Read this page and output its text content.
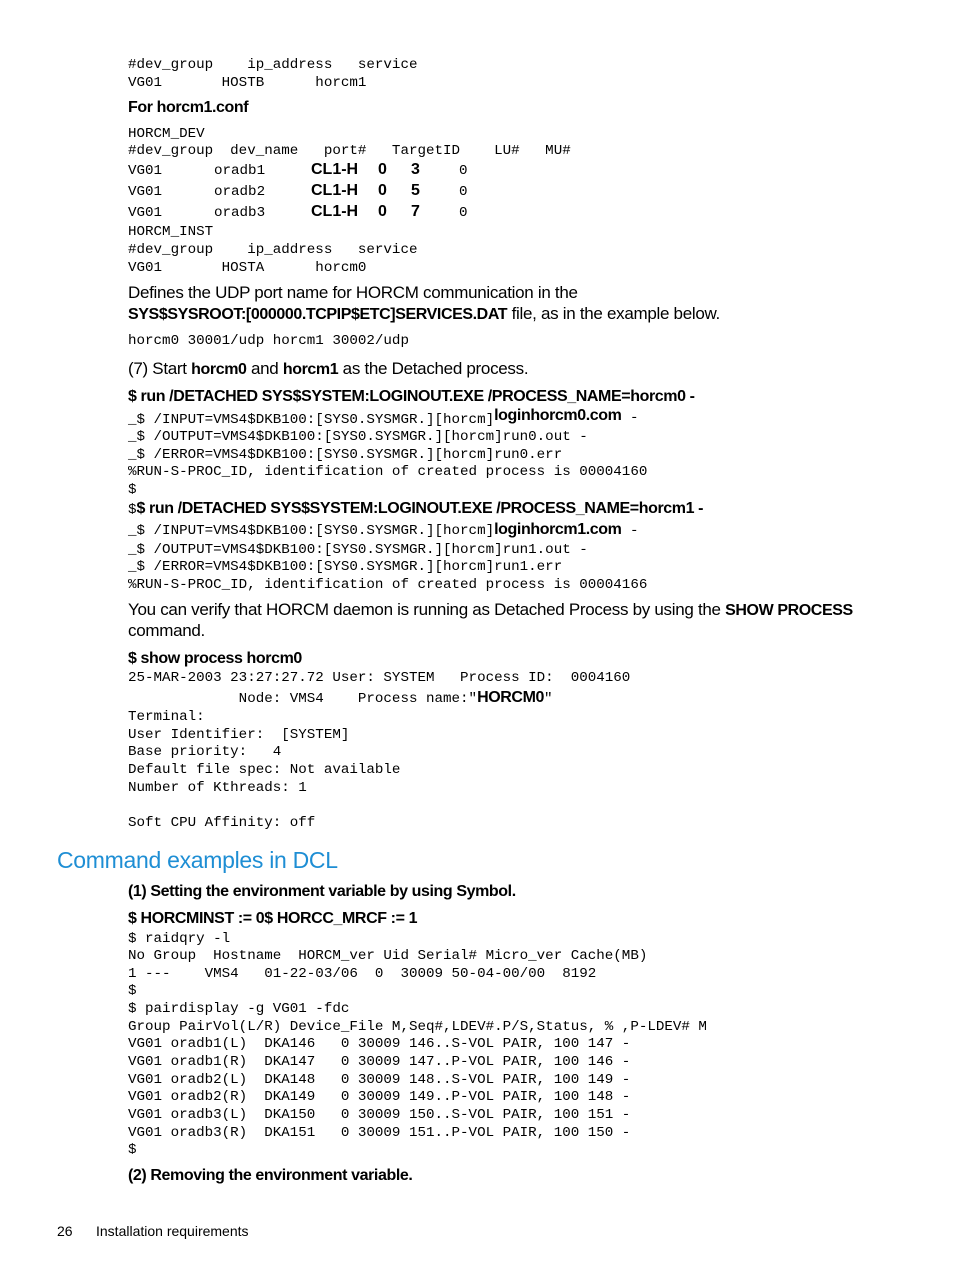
#dev_group    ip_address   service
VG01       HOSTB      horcm1

For horcm1.conf

HORCM_DEV
#dev_group  dev_name   port#   TargetID    LU#   MU#
VG01	oradb1	CL1-H 0 3	0
VG01	oradb2	CL1-H 0 5	0
VG01	oradb3	CL1-H 0 7	0
HORCM_INST
#dev_group    ip_address   service
VG01       HOSTA      horcm0

Defines the UDP port name for HORCM communication in the

SYS$SYSROOT:[000000.TCPIP$ETC]SERVICES.DAT file, as in the example below.

horcm0 30001/udp horcm1 30002/udp

(7) Start horcm0 and horcm1 as the Detached process.

$ run /DETACHED SYS$SYSTEM:LOGINOUT.EXE /PROCESS_NAME=horcm0 -

_$ /INPUT=VMS4$DKB100:[SYS0.SYSMGR.][horcm]loginhorcm0.com -
_$ /OUTPUT=VMS4$DKB100:[SYS0.SYSMGR.][horcm]run0.out -
_$ /ERROR=VMS4$DKB100:[SYS0.SYSMGR.][horcm]run0.err
%RUN-S-PROC_ID, identification of created process is 00004160
$
$$ run /DETACHED SYS$SYSTEM:LOGINOUT.EXE /PROCESS_NAME=horcm1 -
_$ /INPUT=VMS4$DKB100:[SYS0.SYSMGR.][horcm]loginhorcm1.com -
_$ /OUTPUT=VMS4$DKB100:[SYS0.SYSMGR.][horcm]run1.out -
_$ /ERROR=VMS4$DKB100:[SYS0.SYSMGR.][horcm]run1.err
%RUN-S-PROC_ID, identification of created process is 00004166

You can verify that HORCM daemon is running as Detached Process by using the SHOW PROCESS

command.

$ show process horcm0

25-MAR-2003 23:27:27.72 User: SYSTEM   Process ID:  0004160
Node: VMS4    Process name:"HORCM0"
Terminal:
User Identifier:  [SYSTEM]
Base priority:   4
Default file spec: Not available
Number of Kthreads: 1
Soft CPU Affinity: off
Command examples in DCL

(1) Setting the environment variable by using Symbol.

$ HORCMINST := 0$ HORCC_MRCF := 1

$ raidqry -l
No Group  Hostname  HORCM_ver Uid Serial# Micro_ver Cache(MB)
1 ---    VMS4   01-22-03/06  0  30009 50-04-00/00  8192
$
$ pairdisplay -g VG01 -fdc
Group PairVol(L/R) Device_File M,Seq#,LDEV#.P/S,Status, % ,P-LDEV# M
VG01 oradb1(L)  DKA146   0 30009 146..S-VOL PAIR, 100 147 -
VG01 oradb1(R)  DKA147   0 30009 147..P-VOL PAIR, 100 146 -
VG01 oradb2(L)  DKA148   0 30009 148..S-VOL PAIR, 100 149 -
VG01 oradb2(R)  DKA149   0 30009 149..P-VOL PAIR, 100 148 -
VG01 oradb3(L)  DKA150   0 30009 150..S-VOL PAIR, 100 151 -
VG01 oradb3(R)  DKA151   0 30009 151..P-VOL PAIR, 100 150 -
$

(2) Removing the environment variable.

26 Installation requirements
